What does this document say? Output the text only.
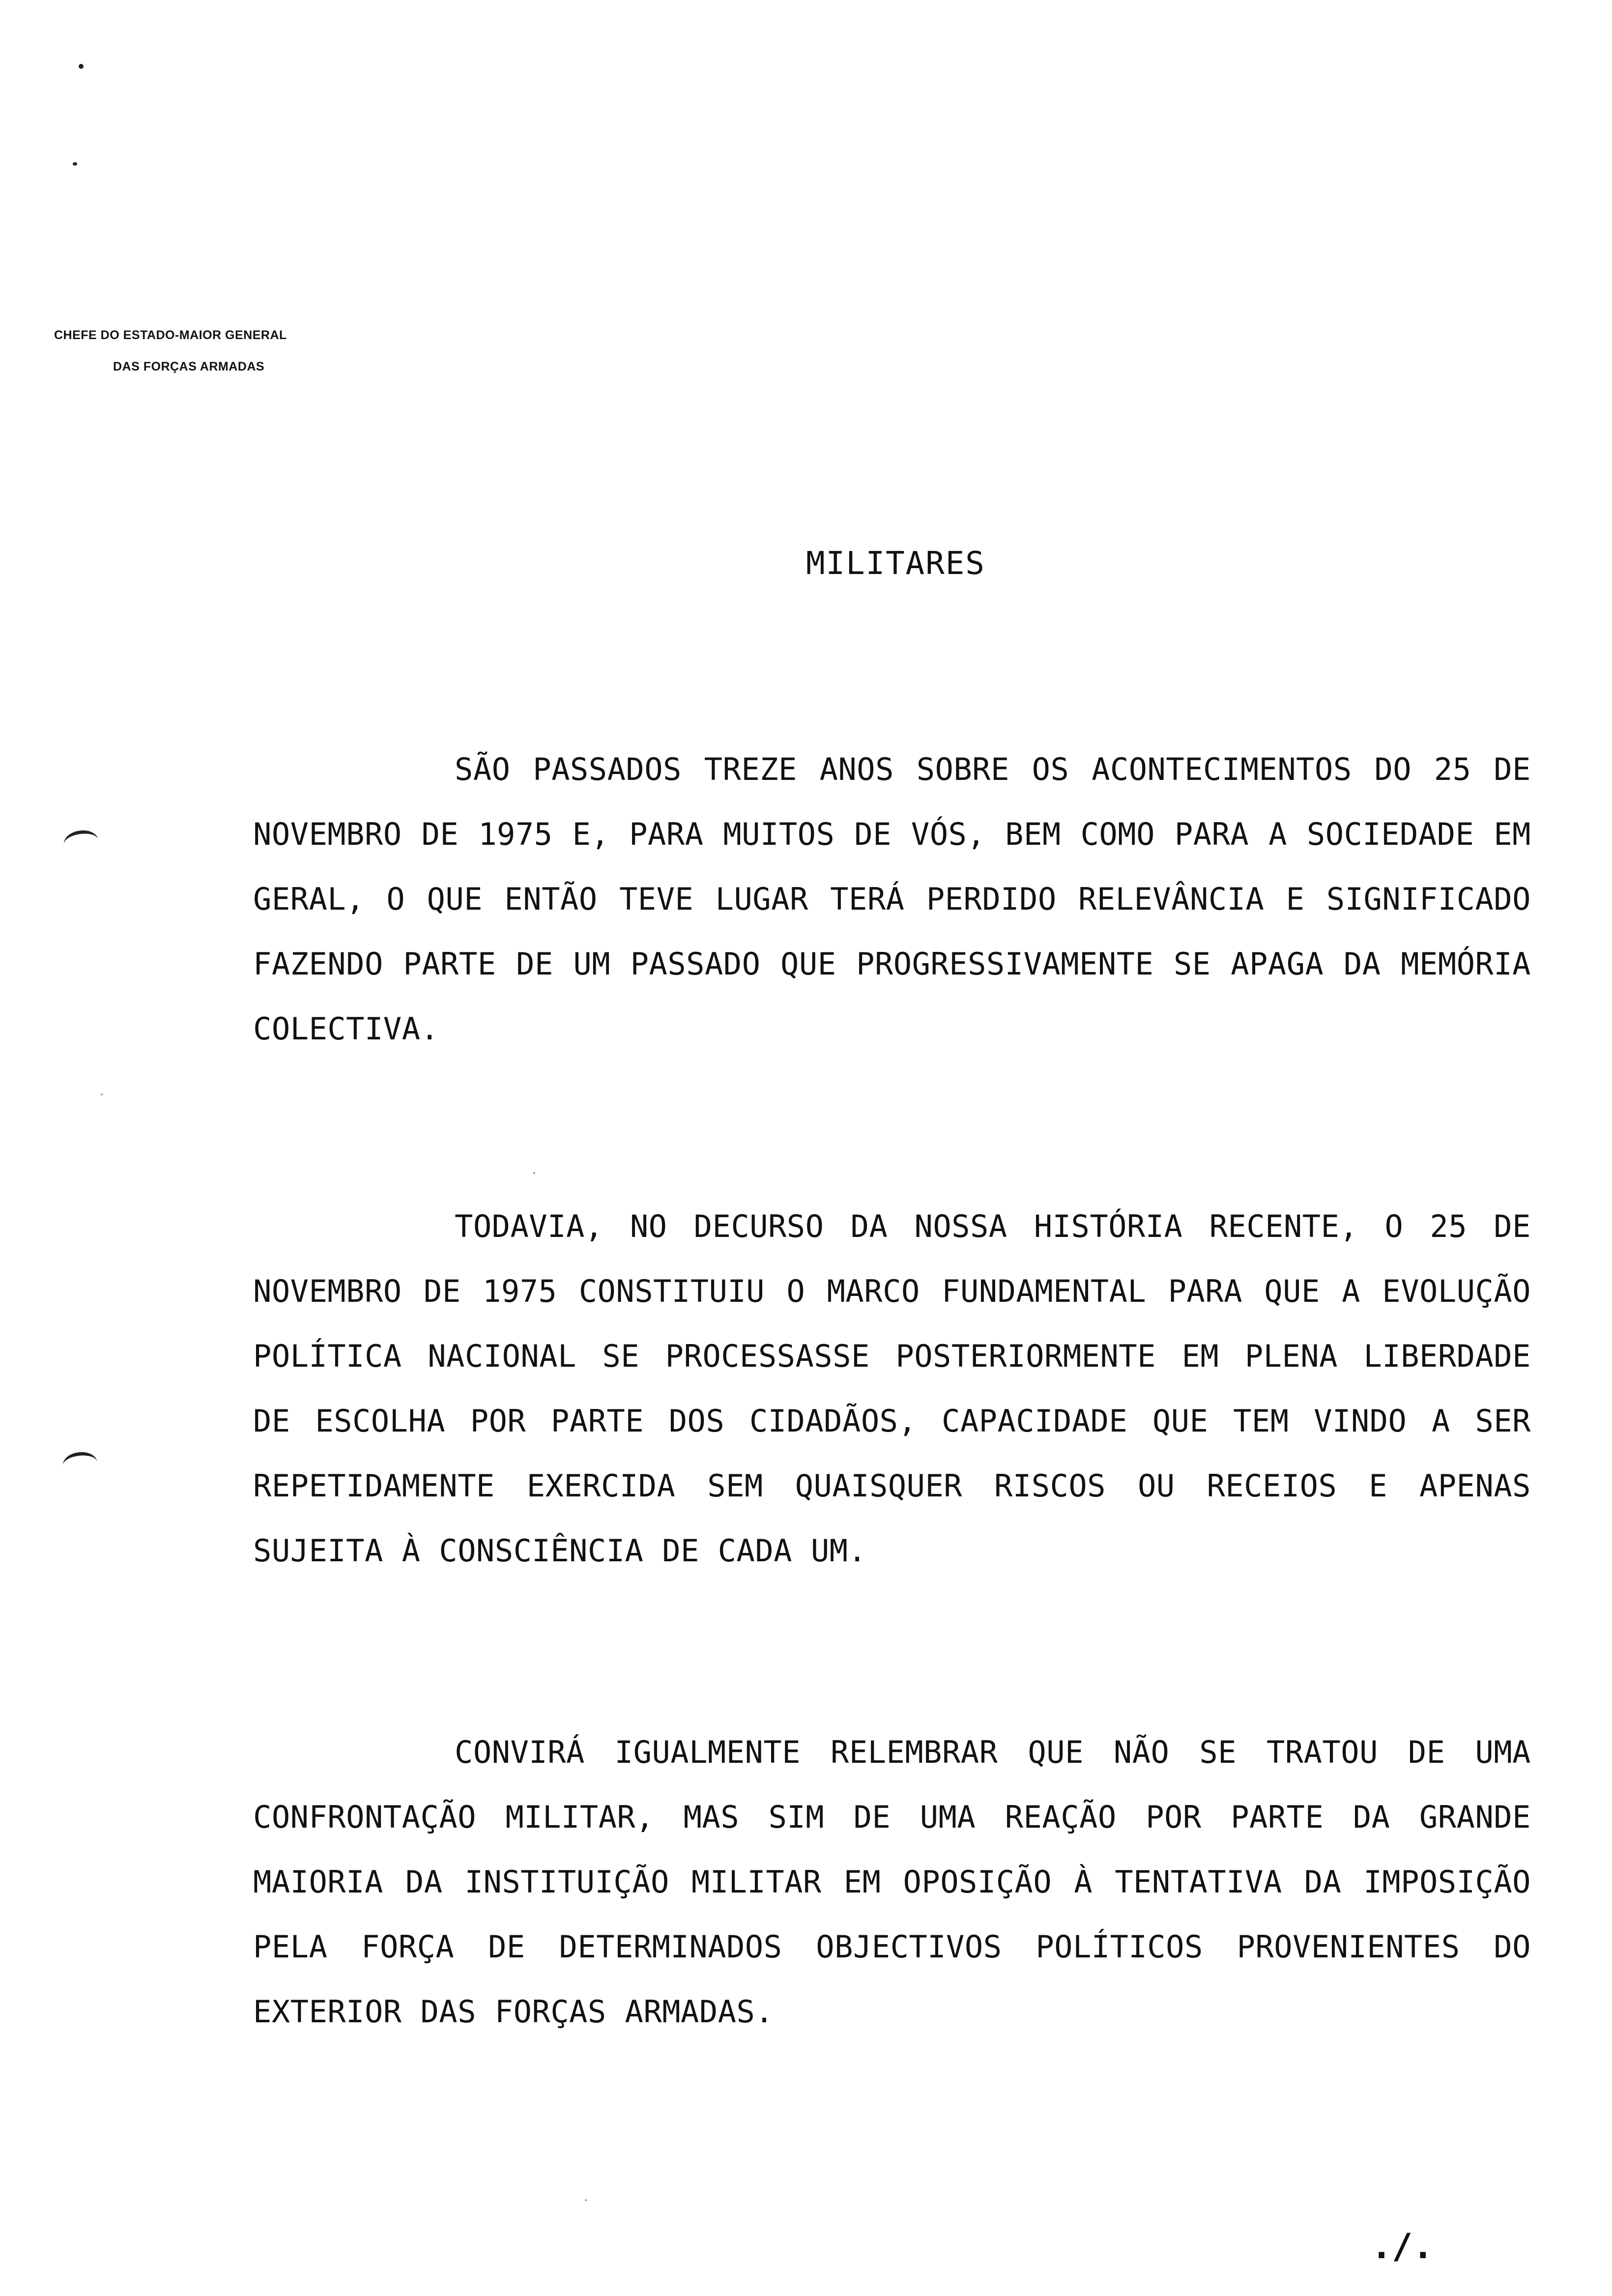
CHEFE DO ESTADO-MAIOR GENERAL
DAS FORÇAS ARMADAS
MILITARES

SÃO PASSADOS TREZE ANOS SOBRE OS ACONTECIMENTOS DO 25 DE NOVEMBRO DE 1975 E, PARA MUITOS DE VÓS, BEM COMO PARA A SOCIEDADE EM GERAL, O QUE ENTÃO TEVE LUGAR TERÁ PERDIDO RELEVÂNCIA E SIGNIFICADO FAZENDO PARTE DE UM PASSADO QUE PROGRESSIVAMENTE SE APAGA DA MEMÓRIA COLECTIVA.

TODAVIA, NO DECURSO DA NOSSA HISTÓRIA RECENTE, O 25 DE NOVEMBRO DE 1975 CONSTITUIU O MARCO FUNDAMENTAL PARA QUE A EVOLUÇÃO POLÍTICA NACIONAL SE PROCESSASSE POSTERIORMENTE EM PLENA LIBERDADE DE ESCOLHA POR PARTE DOS CIDADÃOS, CAPACIDADE QUE TEM VINDO A SER REPETIDAMENTE EXERCIDA SEM QUAISQUER RISCOS OU RECEIOS E APENAS SUJEITA À CONSCIÊNCIA DE CADA UM.

CONVIRÁ IGUALMENTE RELEMBRAR QUE NÃO SE TRATOU DE UMA CONFRONTAÇÃO MILITAR, MAS SIM DE UMA REAÇÃO POR PARTE DA GRANDE MAIORIA DA INSTITUIÇÃO MILITAR EM OPOSIÇÃO À TENTATIVA DA IMPOSIÇÃO PELA FORÇA DE DETERMINADOS OBJECTIVOS POLÍTICOS PROVENIENTES DO EXTERIOR DAS FORÇAS ARMADAS.

./.
